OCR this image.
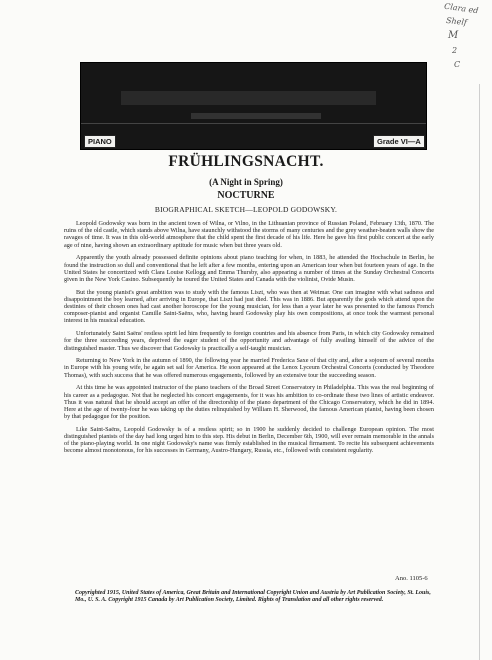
Clara ed
Shelf
M
2
C
PIANO	Grade VI—A
FRÜHLINGSNACHT.
(A Night in Spring)
NOCTURNE
BIOGRAPHICAL SKETCH—LEOPOLD GODOWSKY.

Leopold Godowsky was born in the ancient town of Wilna, or Vilno, in the Lithuanian province of Russian Poland, February 13th, 1870. The ruins of the old castle, which stands above Wilna, have staunchly withstood the storms of many centuries and the grey weather-beaten walls show the ravages of time. It was in this old-world atmosphere that the child spent the first decade of his life. Here he gave his first public concert at the early age of nine, having shown an extraordinary aptitude for music when but three years old.

Apparently the youth already possessed definite opinions about piano teaching for when, in 1883, he attended the Hochschule in Berlin, he found the instruction so dull and conventional that he left after a few months, entering upon an American tour when but fourteen years of age. In the United States he concertized with Clara Louise Kellogg and Emma Thursby, also appearing a number of times at the Sunday Orchestral Concerts given in the New York Casino. Subsequently he toured the United States and Canada with the violinist, Ovide Musin.

But the young pianist's great ambition was to study with the famous Liszt, who was then at Weimar. One can imagine with what sadness and disappointment the boy learned, after arriving in Europe, that Liszt had just died. This was in 1886. But apparently the gods which attend upon the destinies of their chosen ones had cast another horoscope for the young musician, for less than a year later he was presented to the famous French composer-pianist and organist Camille Saint-Saëns, who, having heard Godowsky play his own compositions, at once took the warmest personal interest in his musical education.

Unfortunately Saint Saëns' restless spirit led him frequently to foreign countries and his absence from Paris, in which city Godowsky remained for the three succeeding years, deprived the eager student of the opportunity and advantage of fully availing himself of the advice of the distinguished master. Thus we discover that Godowsky is practically a self-taught musician.

Returning to New York in the autumn of 1890, the following year he married Frederica Saxe of that city and, after a sojourn of several months in Europe with his young wife, he again set sail for America. He soon appeared at the Lenox Lyceum Orchestral Concerts (conducted by Theodore Thomas), with such success that he was offered numerous engagements, followed by an extensive tour the succeeding season.

At this time he was appointed instructor of the piano teachers of the Broad Street Conservatory in Philadelphia. This was the real beginning of his career as a pedagogue. Not that he neglected his concert engagements, for it was his ambition to co-ordinate these two lines of artistic endeavor. Thus it was natural that he should accept an offer of the directorship of the piano department of the Chicago Conservatory, which he did in 1894. Here at the age of twenty-four he was taking up the duties relinquished by William H. Sherwood, the famous American pianist, having been chosen by that pedagogue for the position.

Like Saint-Saëns, Leopold Godowsky is of a restless spirit; so in 1900 he suddenly decided to challenge European opinion. The most distinguished pianists of the day had long urged him to this step. His debut in Berlin, December 6th, 1900, will ever remain memorable in the annals of the piano-playing world. In one night Godowsky's name was firmly established in the musical firmament. To recite his subsequent achievements become almost monotonous, for his successes in Germany, Austro-Hungary, Russia, etc., followed with consistent regularity.

Ano. 1105-6
Copyrighted 1915, United States of America, Great Britain and International Copyright Union and Austria by Art Publication Society, St. Louis, Mo., U. S. A. Copyright 1915 Canada by Art Publication Society, Limited. Rights of Translation and all other rights reserved.
